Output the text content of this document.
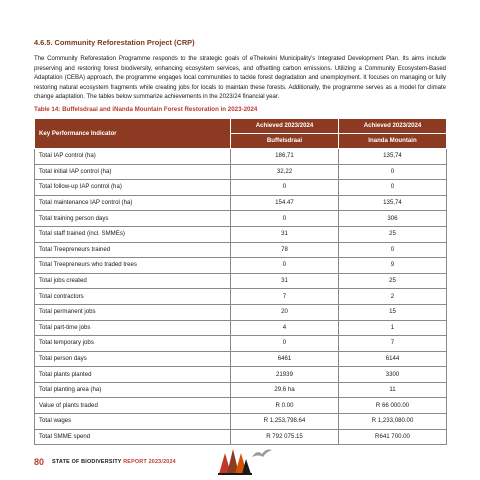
4.6.5. Community Reforestation Project (CRP)

The Community Reforestation Programme responds to the strategic goals of eThekwini Municipality’s Integrated Development Plan. Its aims include preserving and restoring forest biodiversity, enhancing ecosystem services, and offsetting carbon emissions. Utilizing a Community Ecosystem-Based Adaptation (CEBA) approach, the programme engages local communities to tackle forest degradation and unemployment. It focuses on managing or fully restoring natural ecosystem fragments while creating jobs for locals to maintain these forests. Additionally, the programme serves as a model for climate change adaptation. The tables below summarize achievements in the 2023/24 financial year.

Table 14: Buffelsdraai and iNanda Mountain Forest Restoration in 2023-2024
Key Performance Indicator	Achieved 2023/2024	Achieved 2023/2024
	Buffelsdraai	Inanda Mountain
Total IAP control (ha)	186,71	135,74
Total initial IAP control (ha)	32,22	0
Total follow-up IAP control (ha)	0	0
Total maintenance IAP control (ha)	154.47	135,74
Total training person days	0	306
Total staff trained (incl. SMMEs)	31	25
Total Treepreneurs trained	78	0
Total Treepreneurs who traded trees	0	9
Total jobs created	31	25
Total contractors	7	2
Total permanent jobs	20	15
Total part-time jobs	4	1
Total temporary jobs	0	7
Total person days	6461	6144
Total plants planted	21939	3300
Total planting area (ha)	29.6 ha	11
Value of plants traded	R 0.00	R 66 000.00
Total wages	R 1,253,798.64	R 1,233,080.00
Total SMME spend	R 792 075.15	R641 700.00
80 STATE OF BIODIVERSITY REPORT 2023/2024
